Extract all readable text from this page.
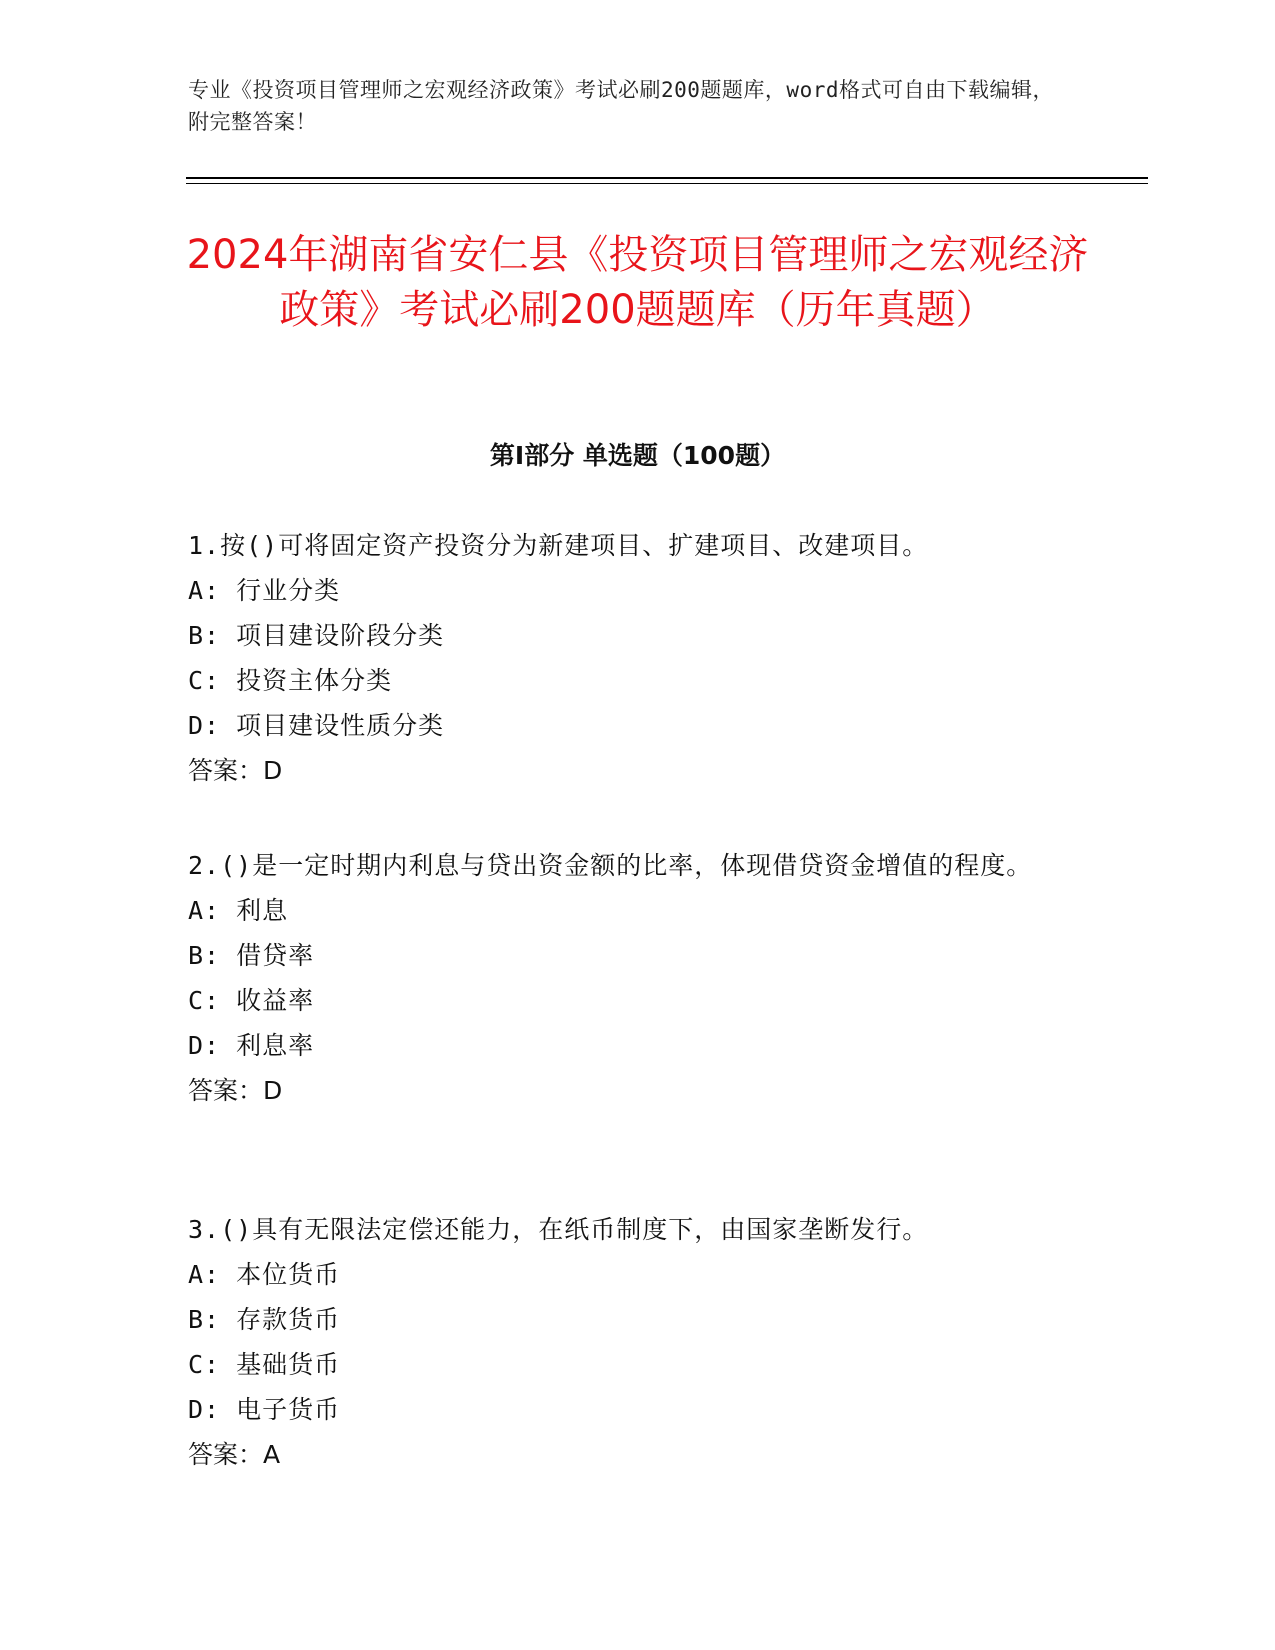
专业《投资项目管理师之宏观经济政策》考试必刷200题题库，word格式可自由下载编辑，附完整答案！
2024年湖南省安仁县《投资项目管理师之宏观经济政策》考试必刷200题题库（历年真题）
第I部分 单选题（100题）

1.按()可将固定资产投资分为新建项目、扩建项目、改建项目。

A: 行业分类

B: 项目建设阶段分类

C: 投资主体分类

D: 项目建设性质分类

答案：D

2.()是一定时期内利息与贷出资金额的比率，体现借贷资金增值的程度。

A: 利息

B: 借贷率

C: 收益率

D: 利息率

答案：D

3.()具有无限法定偿还能力，在纸币制度下，由国家垄断发行。

A: 本位货币

B: 存款货币

C: 基础货币

D: 电子货币

答案：A
